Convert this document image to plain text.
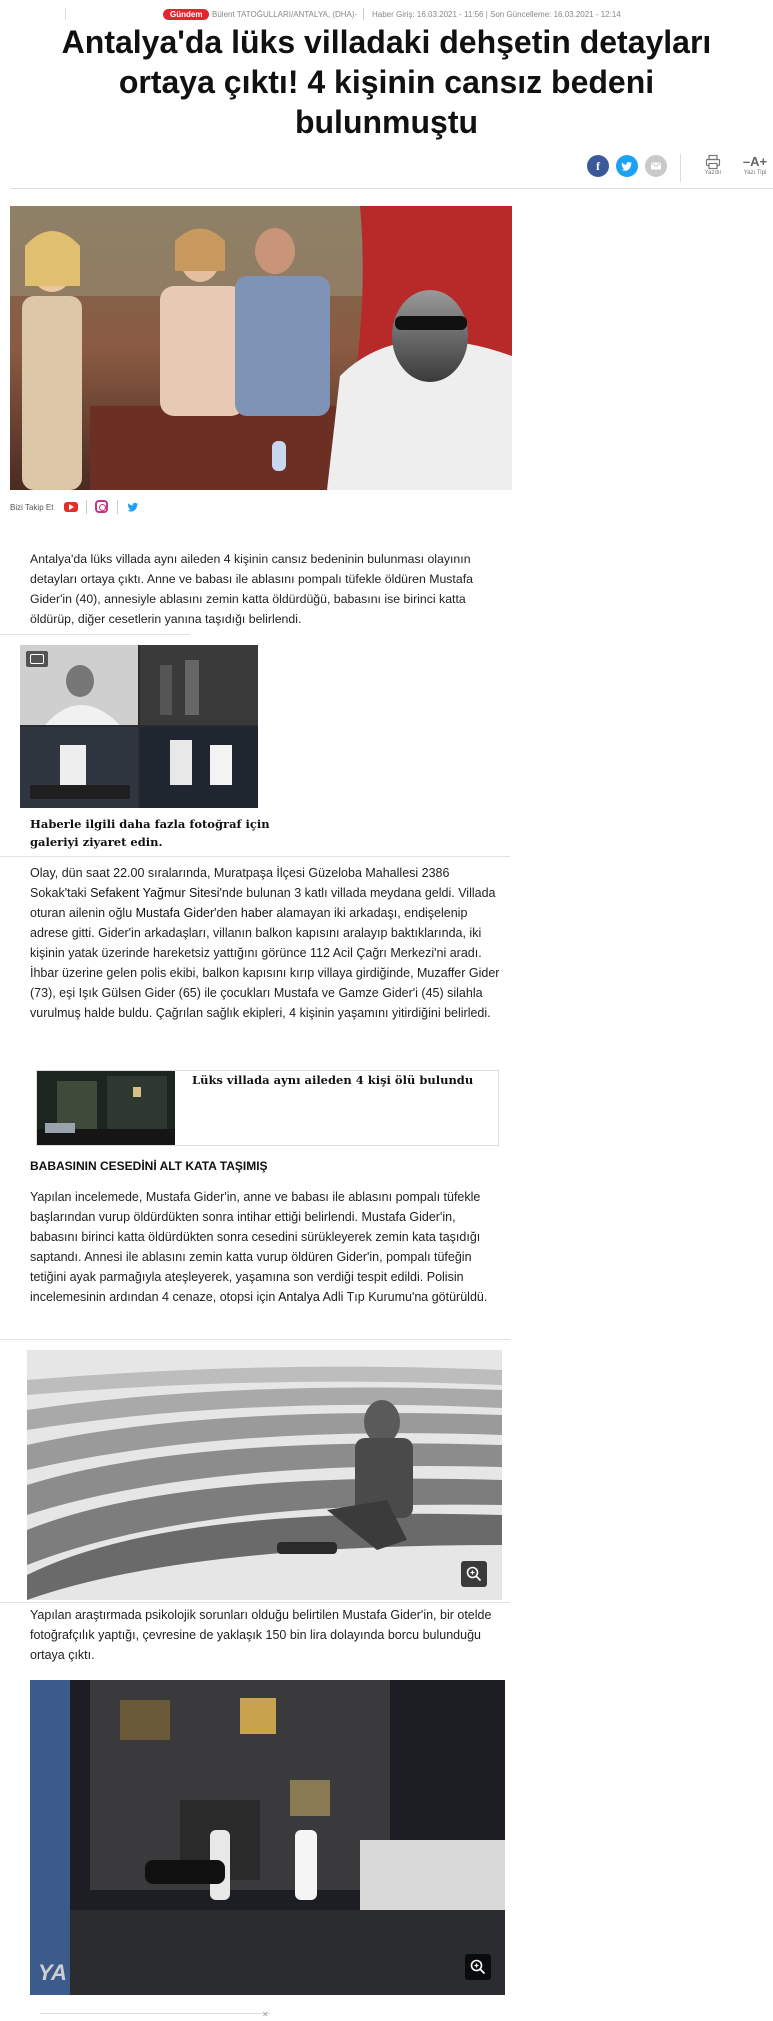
Gündem	Bülent TATOĞULLARI/ANTALYA, (DHA)- Haber Giriş: 16.03.2021 - 11:56 | Son Güncelleme: 16.03.2021 - 12:14
Antalya'da lüks villadaki dehşetin detayları ortaya çıktı! 4 kişinin cansız bedeni bulunmuştu
f	Yazdır
–A+
Yazı Tipi
Bizi Takip Et

Antalya'da lüks villada aynı aileden 4 kişinin cansız bedeninin bulunması olayının detayları ortaya çıktı. Anne ve babası ile ablasını pompalı tüfekle öldüren Mustafa Gider'in (40), annesiyle ablasını zemin katta öldürdüğü, babasını ise birinci katta öldürüp, diğer cesetlerin yanına taşıdığı belirlendi.

Haberle ilgili daha fazla fotoğraf için galeriyi ziyaret edin.

Olay, dün saat 22.00 sıralarında, Muratpaşa İlçesi Güzeloba Mahallesi 2386 Sokak'taki Sefakent Yağmur Sitesi'nde bulunan 3 katlı villada meydana geldi. Villada oturan ailenin oğlu Mustafa Gider'den haber alamayan iki arkadaşı, endişelenip adrese gitti. Gider'in arkadaşları, villanın balkon kapısını aralayıp baktıklarında, iki kişinin yatak üzerinde hareketsiz yattığını görünce 112 Acil Çağrı Merkezi'ni aradı. İhbar üzerine gelen polis ekibi, balkon kapısını kırıp villaya girdiğinde, Muzaffer Gider (73), eşi Işık Gülsen Gider (65) ile çocukları Mustafa ve Gamze Gider'i (45) silahla vurulmuş halde buldu. Çağrılan sağlık ekipleri, 4 kişinin yaşamını yitirdiğini belirledi.

Lüks villada aynı aileden 4 kişi ölü bulundu
BABASININ CESEDİNİ ALT KATA TAŞIMIŞ

Yapılan incelemede, Mustafa Gider'in, anne ve babası ile ablasını pompalı tüfekle başlarından vurup öldürdükten sonra intihar ettiği belirlendi. Mustafa Gider'in, babasını birinci katta öldürdükten sonra cesedini sürükleyerek zemin kata taşıdığı saptandı. Annesi ile ablasını zemin katta vurup öldüren Gider'in, pompalı tüfeğin tetiğini ayak parmağıyla ateşleyerek, yaşamına son verdiği tespit edildi. Polisin incelemesinin ardından 4 cenaze, otopsi için Antalya Adli Tıp Kurumu'na götürüldü.

Yapılan araştırmada psikolojik sorunları olduğu belirtilen Mustafa Gider'in, bir otelde fotoğrafçılık yaptığı, çevresine de yaklaşık 150 bin lira dolayında borcu bulunduğu ortaya çıktı.

YA
✕
